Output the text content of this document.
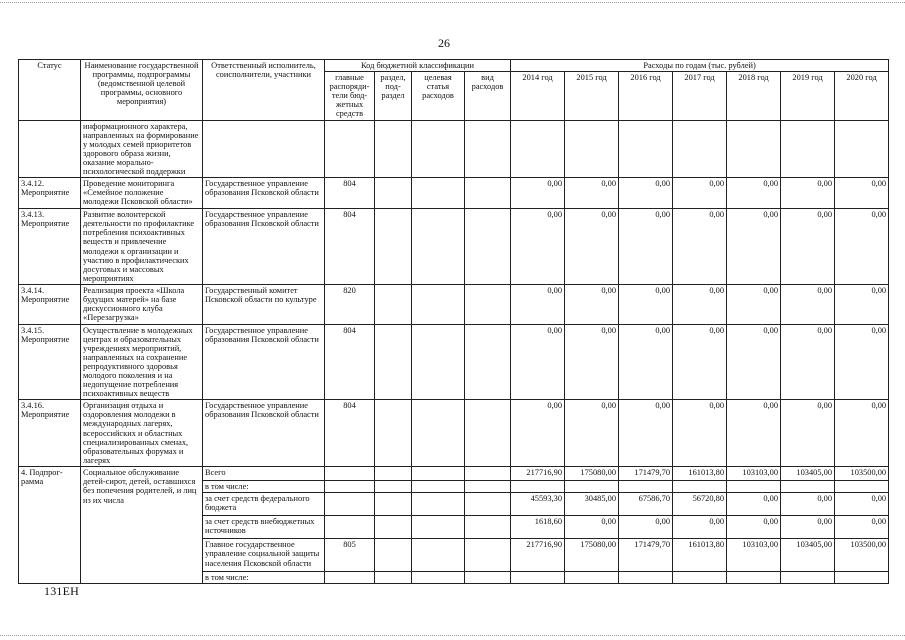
26
Статус	Наименование государственной программы, подпрограммы (ведомственной целевой программы, основного мероприятия)	Ответственный исполнитель, соисполнители, участники	Код бюджетной классификации				Расходы по годам (тыс. рублей)						
			главные распоряди-тели бюд-жетных средств	раздел, под-раздел	целевая статья расходов	вид расходов	2014 год	2015 год	2016 год	2017 год	2018 год	2019 год	2020 год
	информационного характера, направленных на формирование у молодых семей приоритетов здорового образа жизни, оказание морально-психологической поддержки												
3.4.12. Мероприятие	Проведение мониторинга «Семейное положение молодежи Псковской области»	Государственное управление образования Псковской области	804				0,00	0,00	0,00	0,00	0,00	0,00	0,00
3.4.13. Мероприятие	Развитие волонтерской деятельности по профилактике потребления психоактивных веществ и привлечение молодежи к организации и участию в профилактических досуговых и массовых мероприятиях	Государственное управление образования Псковской области	804				0,00	0,00	0,00	0,00	0,00	0,00	0,00
3.4.14. Мероприятие	Реализация проекта «Школа будущих матерей» на базе дискуссионного клуба «Перезагрузка»	Государственный комитет Псковской области по культуре	820				0,00	0,00	0,00	0,00	0,00	0,00	0,00
3.4.15. Мероприятие	Осуществление в молодежных центрах и образовательных учреждениях мероприятий, направленных на сохранение репродуктивного здоровья молодого поколения и на недопущение потребления психоактивных веществ	Государственное управление образования Псковской области	804				0,00	0,00	0,00	0,00	0,00	0,00	0,00
3.4.16. Мероприятие	Организация отдыха и оздоровления молодежи в международных лагерях, всероссийских и областных специализированных сменах, образовательных форумах и лагерях	Государственное управление образования Псковской области	804				0,00	0,00	0,00	0,00	0,00	0,00	0,00
4. Подпрог-рамма	Социальное обслуживание детей-сирот, детей, оставшихся без попечения родителей, и лиц из их числа	Всего					217716,90	175080,00	171479,70	161013,80	103103,00	103405,00	103500,00
		в том числе:											
		за счет средств федерального бюджета					45593,30	30485,00	67586,70	56720,80	0,00	0,00	0,00
		за счет средств внебюджетных источников					1618,60	0,00	0,00	0,00	0,00	0,00	0,00
		Главное государственное управление социальной защиты населения Псковской области	805				217716,90	175080,00	171479,70	161013,80	103103,00	103405,00	103500,00
		в том числе:											
131ЕН
